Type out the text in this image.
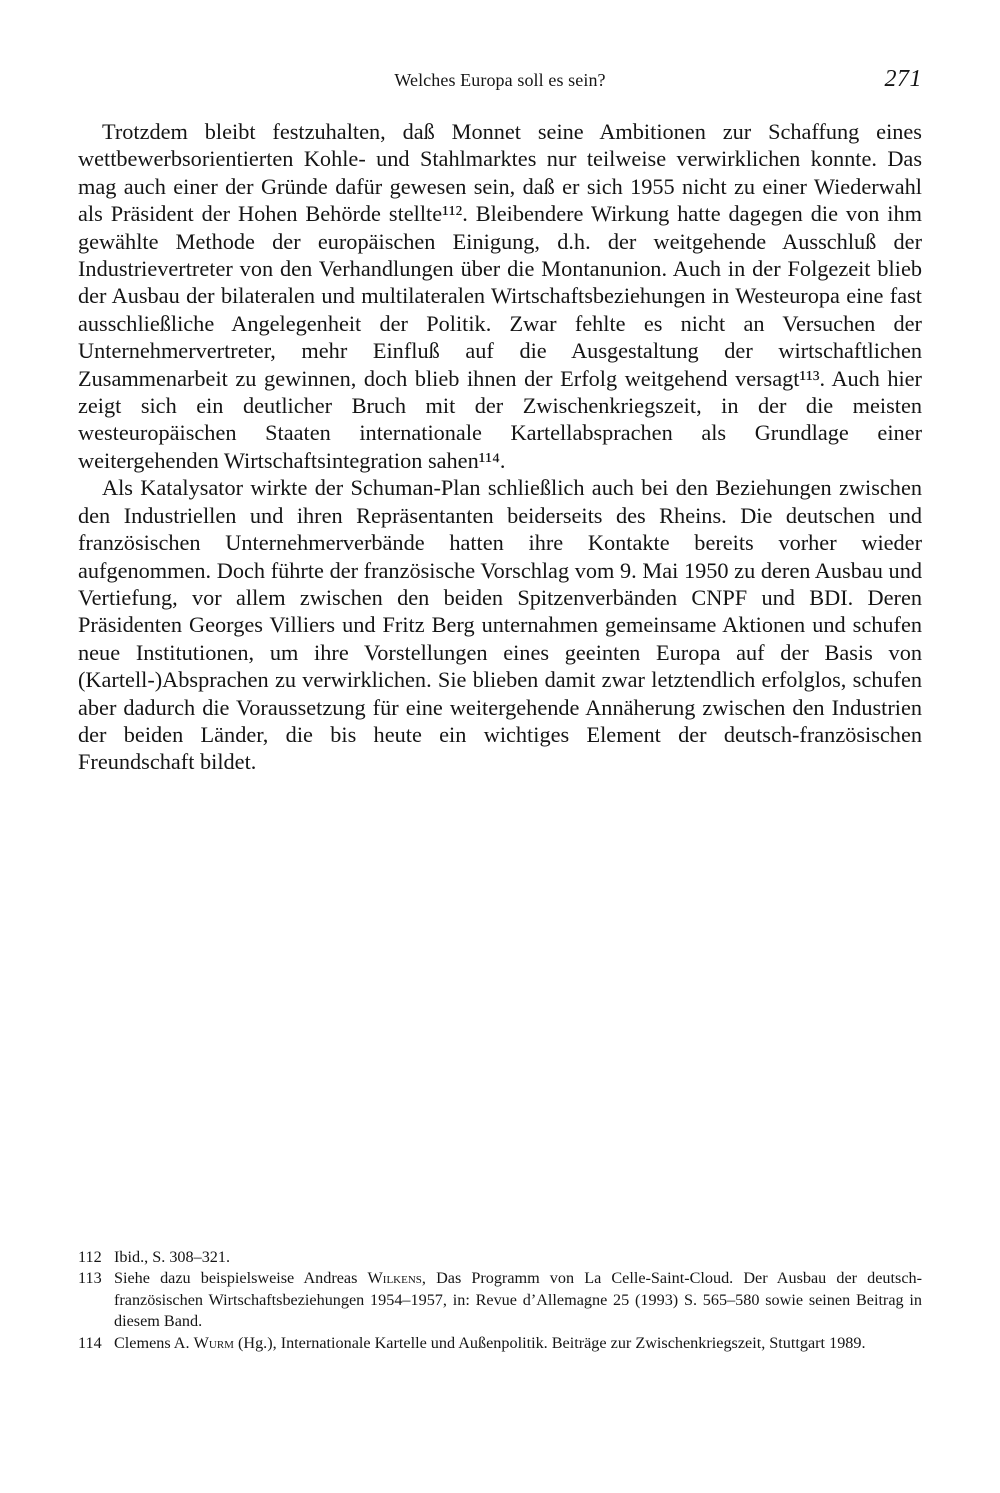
Welches Europa soll es sein?	271

Trotzdem bleibt festzuhalten, daß Monnet seine Ambitionen zur Schaffung eines wettbewerbsorientierten Kohle- und Stahlmarktes nur teilweise verwirklichen konnte. Das mag auch einer der Gründe dafür gewesen sein, daß er sich 1955 nicht zu einer Wiederwahl als Präsident der Hohen Behörde stellte¹¹². Bleibendere Wirkung hatte dagegen die von ihm gewählte Methode der europäischen Einigung, d.h. der weitgehende Ausschluß der Industrievertreter von den Verhandlungen über die Montanunion. Auch in der Folgezeit blieb der Ausbau der bilateralen und multilateralen Wirtschaftsbeziehungen in Westeuropa eine fast ausschließliche Angelegenheit der Politik. Zwar fehlte es nicht an Versuchen der Unternehmervertreter, mehr Einfluß auf die Ausgestaltung der wirtschaftlichen Zusammenarbeit zu gewinnen, doch blieb ihnen der Erfolg weitgehend versagt¹¹³. Auch hier zeigt sich ein deutlicher Bruch mit der Zwischenkriegszeit, in der die meisten westeuropäischen Staaten internationale Kartellabsprachen als Grundlage einer weitergehenden Wirtschaftsintegration sahen¹¹⁴.

Als Katalysator wirkte der Schuman-Plan schließlich auch bei den Beziehungen zwischen den Industriellen und ihren Repräsentanten beiderseits des Rheins. Die deutschen und französischen Unternehmerverbände hatten ihre Kontakte bereits vorher wieder aufgenommen. Doch führte der französische Vorschlag vom 9. Mai 1950 zu deren Ausbau und Vertiefung, vor allem zwischen den beiden Spitzenverbänden CNPF und BDI. Deren Präsidenten Georges Villiers und Fritz Berg unternahmen gemeinsame Aktionen und schufen neue Institutionen, um ihre Vorstellungen eines geeinten Europa auf der Basis von (Kartell-)Absprachen zu verwirklichen. Sie blieben damit zwar letztendlich erfolglos, schufen aber dadurch die Voraussetzung für eine weitergehende Annäherung zwischen den Industrien der beiden Länder, die bis heute ein wichtiges Element der deutsch-französischen Freundschaft bildet.

112 Ibid., S. 308–321.

113 Siehe dazu beispielsweise Andreas Wilkens, Das Programm von La Celle-Saint-Cloud. Der Ausbau der deutsch-französischen Wirtschaftsbeziehungen 1954–1957, in: Revue d’Allemagne 25 (1993) S. 565–580 sowie seinen Beitrag in diesem Band.

114 Clemens A. Wurm (Hg.), Internationale Kartelle und Außenpolitik. Beiträge zur Zwischenkriegszeit, Stuttgart 1989.
